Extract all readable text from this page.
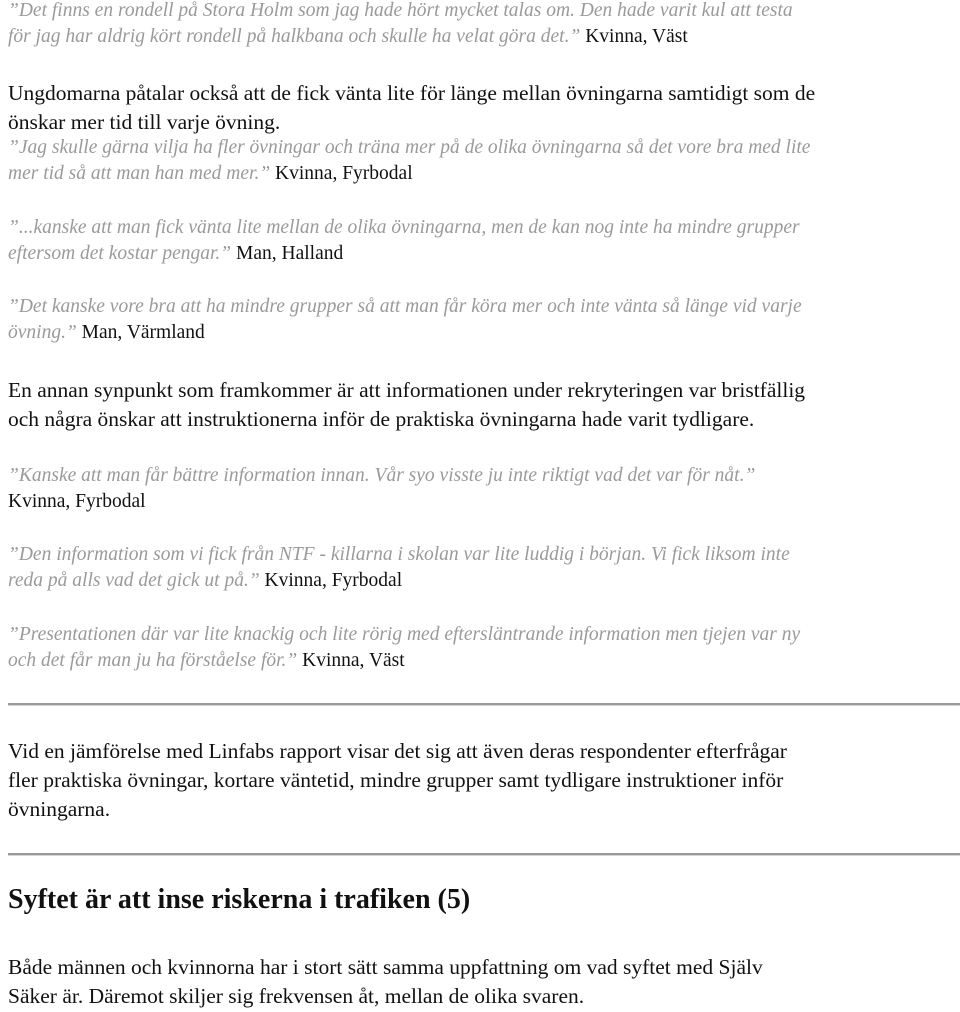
”Det finns en rondell på Stora Holm som jag hade hört mycket talas om. Den hade varit kul att testa
för jag har aldrig kört rondell på halkbana och skulle ha velat göra det.” Kvinna, Väst
Ungdomarna påtalar också att de fick vänta lite för länge mellan övningarna samtidigt som de
önskar mer tid till varje övning.
”Jag skulle gärna vilja ha fler övningar och träna mer på de olika övningarna så det vore bra med lite
mer tid så att man han med mer.” Kvinna, Fyrbodal
”...kanske att man fick vänta lite mellan de olika övningarna, men de kan nog inte ha mindre grupper
eftersom det kostar pengar.” Man, Halland
”Det kanske vore bra att ha mindre grupper så att man får köra mer och inte vänta så länge vid varje
övning.” Man, Värmland
En annan synpunkt som framkommer är att informationen under rekryteringen var bristfällig
och några önskar att instruktionerna inför de praktiska övningarna hade varit tydligare.
”Kanske att man får bättre information innan. Vår syo visste ju inte riktigt vad det var för nåt.”
Kvinna, Fyrbodal
”Den information som vi fick från NTF - killarna i skolan var lite luddig i början. Vi fick liksom inte
reda på alls vad det gick ut på.” Kvinna, Fyrbodal
”Presentationen där var lite knackig och lite rörig med eftersläntrande information men tjejen var ny
och det får man ju ha förståelse för.” Kvinna, Väst
Vid en jämförelse med Linfabs rapport visar det sig att även deras respondenter efterfrågar
fler praktiska övningar, kortare väntetid, mindre grupper samt tydligare instruktioner inför
övningarna.
Syftet är att inse riskerna i trafiken (5)
Både männen och kvinnorna har i stort sätt samma uppfattning om vad syftet med Själv
Säker är. Däremot skiljer sig frekvensen åt, mellan de olika svaren.
